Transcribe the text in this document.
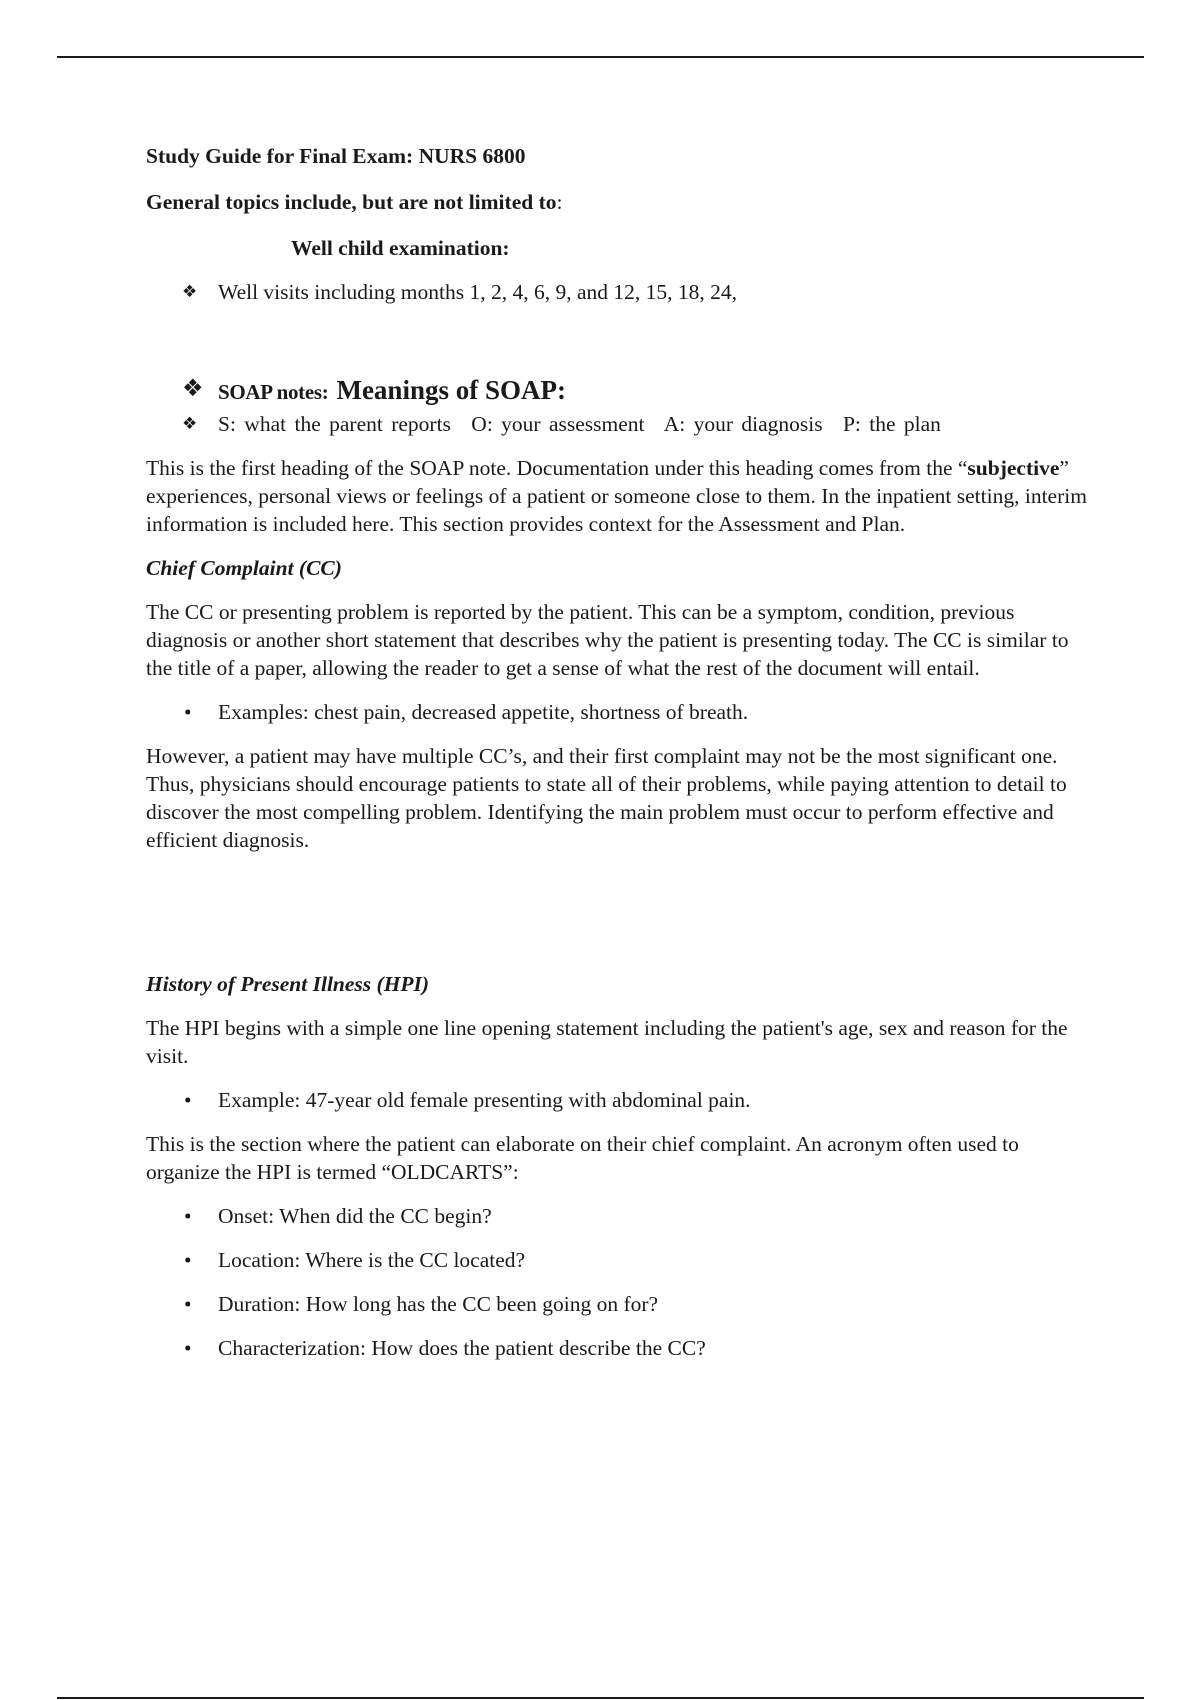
Study Guide for Final Exam: NURS 6800
General topics include, but are not limited to:
Well child examination:
❖ Well visits including months 1, 2, 4, 6, 9, and 12, 15, 18, 24,
❖ SOAP notes: Meanings of SOAP:
❖ S: what the parent reports O: your assessment A: your diagnosis P: the plan

This is the first heading of the SOAP note. Documentation under this heading comes from the “subjective” experiences, personal views or feelings of a patient or someone close to them. In the inpatient setting, interim information is included here. This section provides context for the Assessment and Plan.

Chief Complaint (CC)

The CC or presenting problem is reported by the patient. This can be a symptom, condition, previous diagnosis or another short statement that describes why the patient is presenting today. The CC is similar to the title of a paper, allowing the reader to get a sense of what the rest of the document will entail.

• Examples: chest pain, decreased appetite, shortness of breath.

However, a patient may have multiple CC’s, and their first complaint may not be the most significant one. Thus, physicians should encourage patients to state all of their problems, while paying attention to detail to discover the most compelling problem. Identifying the main problem must occur to perform effective and efficient diagnosis.

History of Present Illness (HPI)

The HPI begins with a simple one line opening statement including the patient's age, sex and reason for the visit.

• Example: 47-year old female presenting with abdominal pain.

This is the section where the patient can elaborate on their chief complaint. An acronym often used to organize the HPI is termed “OLDCARTS”:

• Onset: When did the CC begin?
• Location: Where is the CC located?
• Duration: How long has the CC been going on for?
• Characterization: How does the patient describe the CC?
